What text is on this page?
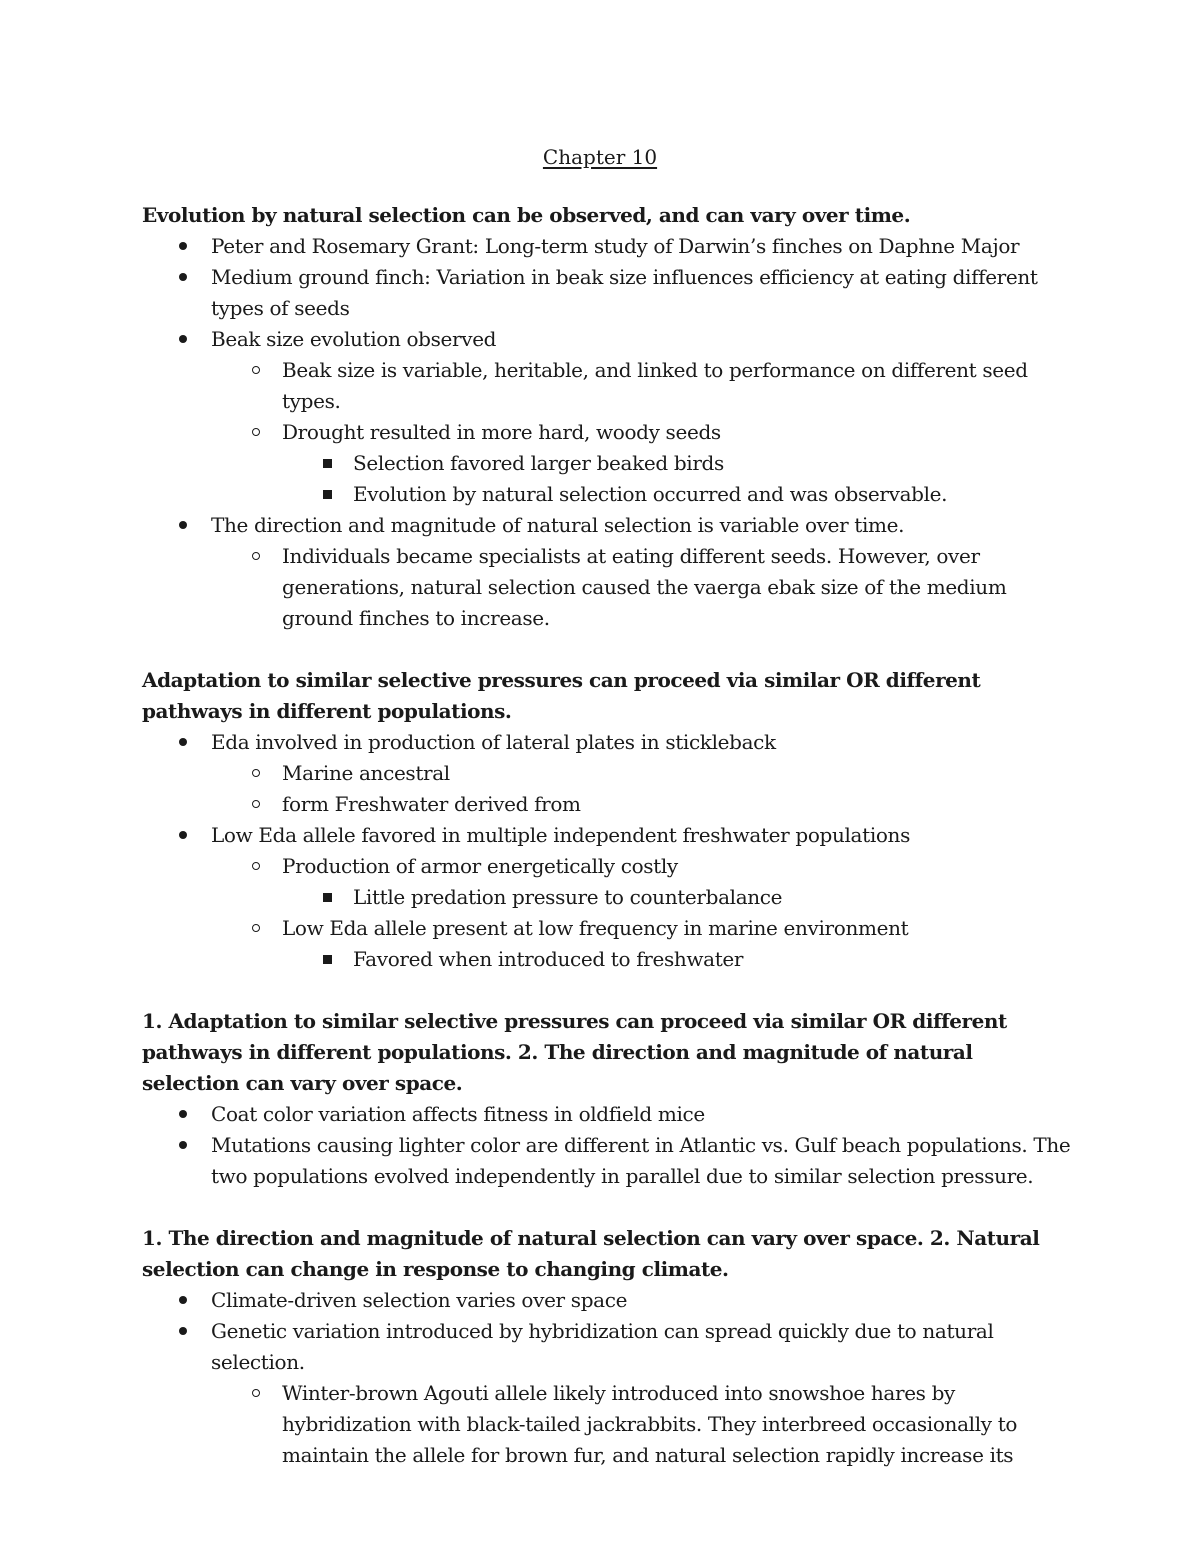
Chapter 10

Evolution by natural selection can be observed, and can vary over time.

Peter and Rosemary Grant: Long-term study of Darwin’s finches on Daphne Major
Medium ground finch: Variation in beak size influences efficiency at eating different types of seeds
Beak size evolution observed
Beak size is variable, heritable, and linked to performance on different seed types.
Drought resulted in more hard, woody seeds
Selection favored larger beaked birds
Evolution by natural selection occurred and was observable.
The direction and magnitude of natural selection is variable over time.
Individuals became specialists at eating different seeds. However, over generations, natural selection caused the vaerga ebak size of the medium ground finches to increase.

Adaptation to similar selective pressures can proceed via similar OR different pathways in different populations.

Eda involved in production of lateral plates in stickleback
Marine ancestral
form Freshwater derived from
Low Eda allele favored in multiple independent freshwater populations
Production of armor energetically costly
Little predation pressure to counterbalance
Low Eda allele present at low frequency in marine environment
Favored when introduced to freshwater

1. Adaptation to similar selective pressures can proceed via similar OR different pathways in different populations. 2. The direction and magnitude of natural selection can vary over space.

Coat color variation affects fitness in oldfield mice
Mutations causing lighter color are different in Atlantic vs. Gulf beach populations. The two populations evolved independently in parallel due to similar selection pressure.

1. The direction and magnitude of natural selection can vary over space. 2. Natural selection can change in response to changing climate.

Climate-driven selection varies over space
Genetic variation introduced by hybridization can spread quickly due to natural selection.
Winter-brown Agouti allele likely introduced into snowshoe hares by hybridization with black-tailed jackrabbits. They interbreed occasionally to maintain the allele for brown fur, and natural selection rapidly increase its
